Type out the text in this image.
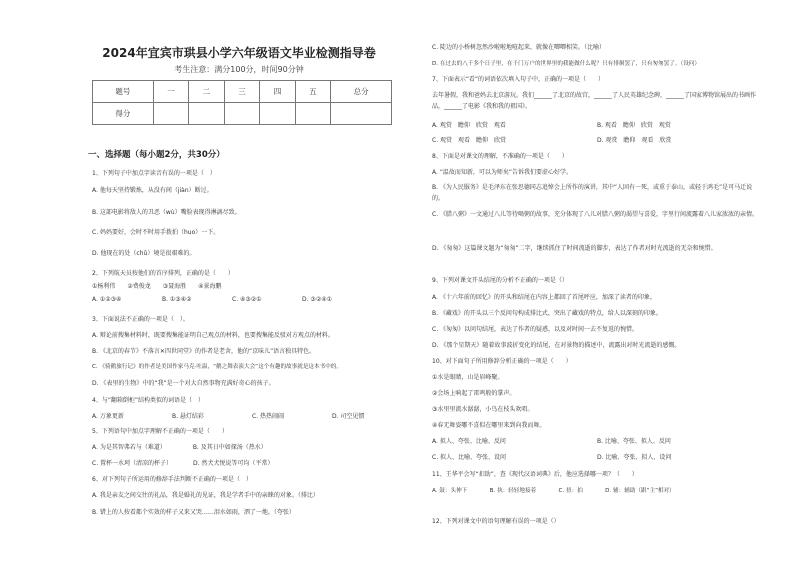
2024年宜宾市珙县小学六年级语文毕业检测指导卷
考生注意：满分100分，时间90分钟
题号	一	二	三	四	五	总分
得分						
一、选择题（每小题2分，共30分）
1、下列句子中加点字读音有误的一项是（　）
A. 他每天坚持锻炼，从没有间（jiàn）断过。
B. 这部电影将敌人的丑恶（wù）嘴脸表现得淋漓尽致。
C. 妈妈要好，会时不时用手拨拍（huo）一下。
D. 他现在的处（chǔ）境是很艰难的。
2、下列航天员按他们的首序排列，正确的是（　　）
①杨利伟　　②费俊龙　　③聂海胜　　④景海鹏
A. ①②③④	B. ①③④②	C. ④③②①	D. ③②④①
3、下面说法不正确的一项是（　）。
A. 辩论前搜集材料时，既要搜集能证明自己观点的材料，也要搜集能反驳对方观点的材料。
B. 《北京的春节》不落言✕四世同堂》的作者是老舍，他的“京味儿”语言独具特色。
C. 《骑鹅旅行记》的作者是美国作家马克·吐温，“鹅之舞表演大会”这个有趣的故事就是这本书中的。
D. 《表里的生物》中的“我”是一个对大自然事物充满好奇心的孩子。
4、与“翻箱倒柜”结构类似的词语是（　）
A. 万象更新	B. 悬灯结彩	C. 热热闹闹	D. 司空见惯
5、下列语句中加点字理解不正确的一项是（　　）
A. 为是其智弗若与（难道）　　　　　B. 及其日中如探汤（热水）
C. 置杯一水珂（清凉的杯子）　　　　D. 然犬犬悦说等可均（平常）
6、对下列句子所运用的修辞手法判断不正确的一项是（　）
A. 我是亲友之间交往的礼品，我是婚礼的见证，我是学者手中的亲睐的对象。（排比）
B. 错上的人按看都个实效的样子又来又哭……泪水如雨，泗了一地。（夸张）
C. 陡边的小桥树忽然沙啦啦地喧起来，就像在唧唧相笑。（比喻）
D. 在过去的八千多个日子里，在千门万户的世界里的我能做什么呢？只有徘徊罢了，只有匆匆罢了。（设问）
7、下面表示“看”的词语依次填入句子中，正确的一项是（　　）
去年暑假，我和爸妈去北京游玩。我们______了北京的故宫，______了人民英雄纪念碑，______了国家博物馆展出的书画作品，______了电影《我和我的祖国》。
A. 观赏　瞻仰　欣赏　观看	B. 观看　瞻仰　欣赏　观赏
C. 观赏　观看　瞻仰　欣赏	D. 观赏　瞻仰　观看　欣赏
8、下面是对课文的理解，不准确的一项是（　　）
A. “温故而知新，可以为师矣”告诉我们要虚心好学。
B. 《为人民服务》是毛泽东在张思德同志追悼会上所作的演讲，其中“人固有一死，或重于泰山，或轻于鸿毛”是可马迁说的。
C. 《腊八粥》一文通过八儿等待喝粥的故事，充分体现了八儿对腊八粥的渴望与喜爱，字里行间流露着八儿家浓浓的亲情。
D. 《匆匆》这篇课文题为“匆匆”二字，继续抓住了时间流逝的脚步，表达了作者对时光流逝的无奈和惋惜。
9、下列对课文开头结尾的分析不正确的一项是（）
A. 《十六年前的回忆》的开头和结尾在内容上都回了首尾呼应，加深了读者的印象。
B. 《藏戏》的开头以三个反问句构成排比式，突出了藏戏的特点，给人以深刻的印象。
C. 《匆匆》以问句结尾，表达了作者的疑惑，以及对时间一去不复返的惋惜。
D. 《那个星期天》随着故事波折变化的结尾，在对景物的描述中，流露出对时光流逝的感慨。
10、对下面句子所用修辞分析正确的一项是（　　）
①水是眼睛，山是眉峰聚。
②会场上响起了雷鸣般的掌声。
③水里里流水潺潺，小鸟在枝头欢唱。
④春无舞姿哪不喜似在哪里来到向我而舞。
A. 拟人、夸张、比喻、反问	B. 比喻、夸张、拟人、反问
C. 拟人、比喻、夸张、设问	D. 比喻、夸张、拟人、设问
11、王华平会写“扣助”，查《现代汉语词典》后，他应选择哪一项？（　　）
A. 鼓：头伸下　　　　B. 执：轻轻地接着　　　　C. 扭：拍　　　　D. 辅：辅助（跟“主”相对）
12、下列对课文中的语句理解有误的一项是（）
